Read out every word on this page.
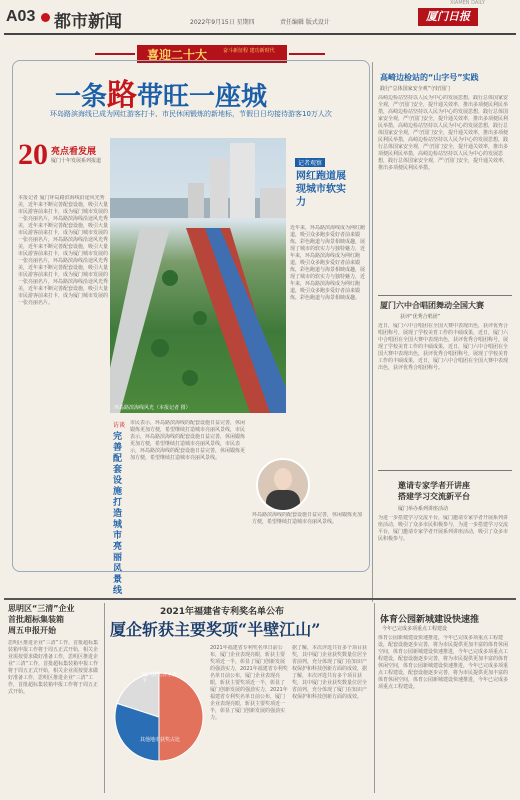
A03 都市新闻	2022年9月15日 星期四	责任编辑 版式设计	厦门日报
XIAMEN DAILY
喜迎二十大	奋斗新征程 建功新时代
一条路带旺一座城
环岛路滨海线已成为网红游客打卡、市民休闲锻炼的新地标，节假日日均接待游客10万人次
20 亮点看发展
厦门十年发展系列报道
本报记者 厦门环岛路滨海线沿途风光秀美，近年来不断完善配套设施，吸引大量市民游客前来打卡，成为厦门城市发展的一张亮丽名片，环岛路滨海线沿途风光秀美，近年来不断完善配套设施，吸引大量市民游客前来打卡，成为厦门城市发展的一张亮丽名片，环岛路滨海线沿途风光秀美，近年来不断完善配套设施，吸引大量市民游客前来打卡，成为厦门城市发展的一张亮丽名片，环岛路滨海线沿途风光秀美，近年来不断完善配套设施，吸引大量市民游客前来打卡，成为厦门城市发展的一张亮丽名片，环岛路滨海线沿途风光秀美，近年来不断完善配套设施，吸引大量市民游客前来打卡，成为厦门城市发展的一张亮丽名片。
环岛路滨海线风光（本报记者 摄）
记者观察
网红跑道展现城市软实力
近年来，环岛路滨海线成为网红跑道，吸引众多跑步爱好者前来锻炼，彩色跑道与海景相映成趣，展现了城市的软实力与独特魅力，近年来，环岛路滨海线成为网红跑道，吸引众多跑步爱好者前来锻炼，彩色跑道与海景相映成趣，展现了城市的软实力与独特魅力，近年来，环岛路滨海线成为网红跑道，吸引众多跑步爱好者前来锻炼，彩色跑道与海景相映成趣。
访谈
完善配套设施打造城市亮丽风景线
市民表示，环岛路滨海线的配套设施日益完善，休闲锻炼更加方便，希望继续打造城市亮丽风景线，市民表示，环岛路滨海线的配套设施日益完善，休闲锻炼更加方便，希望继续打造城市亮丽风景线，市民表示，环岛路滨海线的配套设施日益完善，休闲锻炼更加方便，希望继续打造城市亮丽风景线。
环岛路滨海线的配套设施日益完善，休闲锻炼更加方便，希望继续打造城市亮丽风景线。
高崎边检站的“山字号”实践
践行“总体国家安全观”守好国门
高崎边检站坚持以人民为中心的发展思想，践行总体国家安全观，严守国门安全，提升通关效率，推出多项便民利民举措，高崎边检站坚持以人民为中心的发展思想，践行总体国家安全观，严守国门安全，提升通关效率，推出多项便民利民举措，高崎边检站坚持以人民为中心的发展思想，践行总体国家安全观，严守国门安全，提升通关效率，推出多项便民利民举措，高崎边检站坚持以人民为中心的发展思想，践行总体国家安全观，严守国门安全，提升通关效率，推出多项便民利民举措，高崎边检站坚持以人民为中心的发展思想，践行总体国家安全观，严守国门安全，提升通关效率，推出多项便民利民举措。
厦门六中合唱团舞动全国大赛
获评“优秀合唱团”
近日，厦门六中合唱团在全国大赛中表现出色，获评优秀合唱团称号，展现了学校美育工作的丰硕成果，近日，厦门六中合唱团在全国大赛中表现出色，获评优秀合唱团称号，展现了学校美育工作的丰硕成果，近日，厦门六中合唱团在全国大赛中表现出色，获评优秀合唱团称号，展现了学校美育工作的丰硕成果，近日，厦门六中合唱团在全国大赛中表现出色，获评优秀合唱团称号。
邀请专家学者开讲座
搭建学习交流新平台
厦门举办系列讲座活动
为进一步搭建学习交流平台，厦门邀请专家学者开展系列讲座活动，吸引了众多市民积极参与，为进一步搭建学习交流平台，厦门邀请专家学者开展系列讲座活动，吸引了众多市民积极参与。
思明区“三清”企业
首批超标集装箱
周五申报开始
思明区推进企业“三清”工作，首批超标集装箱申报工作将于周五正式开始，相关企业需按要求做好准备工作，思明区推进企业“三清”工作，首批超标集装箱申报工作将于周五正式开始，相关企业需按要求做好准备工作，思明区推进企业“三清”工作，首批超标集装箱申报工作将于周五正式开始。
2021年福建省专利奖名单公布
厦企斩获主要奖项“半壁江山”
厦门获奖占全省一半
其他地市获奖占比
2021年福建省专利奖名单日前公布，厦门企业表现亮眼，斩获主要奖项近一半，彰显了厦门创新发展的强劲实力，2021年福建省专利奖名单日前公布，厦门企业表现亮眼，斩获主要奖项近一半，彰显了厦门创新发展的强劲实力，2021年福建省专利奖名单日前公布，厦门企业表现亮眼，斩获主要奖项近一半，彰显了厦门创新发展的强劲实力。
据了解，本次评选共有多个项目获奖，其中厦门企业获奖数量位居全省前列，充分体现了厦门在知识产权保护和科技创新方面的成效，据了解，本次评选共有多个项目获奖，其中厦门企业获奖数量位居全省前列，充分体现了厦门在知识产权保护和科技创新方面的成效。
体育公园新城建设快速推
今年已完成多项重点工程建设
体育公园新城建设快速推进，今年已完成多项重点工程建设，配套设施逐步完善，将为市民提供更加丰富的体育休闲空间，体育公园新城建设快速推进，今年已完成多项重点工程建设，配套设施逐步完善，将为市民提供更加丰富的体育休闲空间，体育公园新城建设快速推进，今年已完成多项重点工程建设，配套设施逐步完善，将为市民提供更加丰富的体育休闲空间，体育公园新城建设快速推进，今年已完成多项重点工程建设。
